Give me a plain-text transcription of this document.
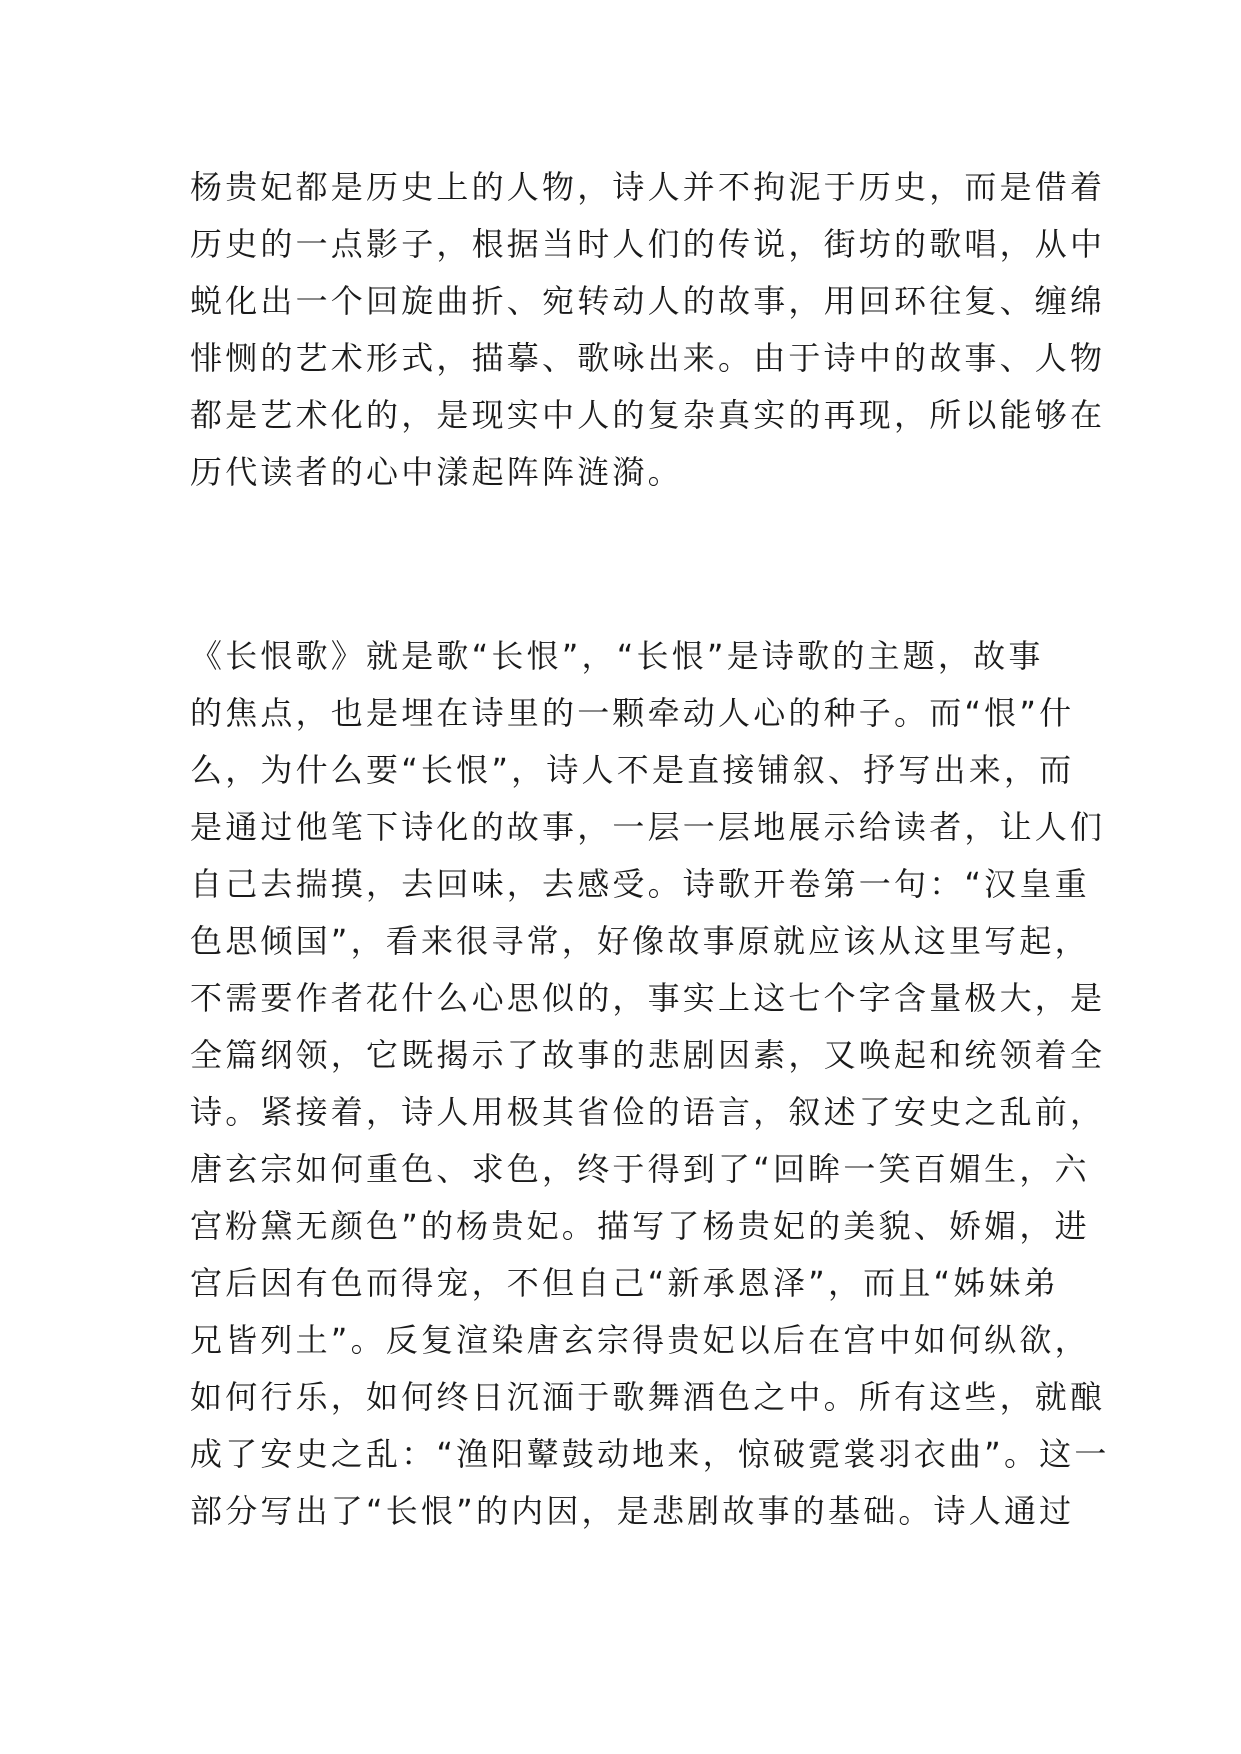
杨贵妃都是历史上的人物，诗人并不拘泥于历史，而是借着
历史的一点影子，根据当时人们的传说，街坊的歌唱，从中
蜕化出一个回旋曲折、宛转动人的故事，用回环往复、缠绵
悱恻的艺术形式，描摹、歌咏出来。由于诗中的故事、人物
都是艺术化的，是现实中人的复杂真实的再现，所以能够在
历代读者的心中漾起阵阵涟漪。
《长恨歌》就是歌“长恨”，“长恨”是诗歌的主题，故事
的焦点，也是埋在诗里的一颗牵动人心的种子。而“恨”什
么，为什么要“长恨”，诗人不是直接铺叙、抒写出来，而
是通过他笔下诗化的故事，一层一层地展示给读者，让人们
自己去揣摸，去回味，去感受。诗歌开卷第一句：“汉皇重
色思倾国”，看来很寻常，好像故事原就应该从这里写起，
不需要作者花什么心思似的，事实上这七个字含量极大，是
全篇纲领，它既揭示了故事的悲剧因素，又唤起和统领着全
诗。紧接着，诗人用极其省俭的语言，叙述了安史之乱前，
唐玄宗如何重色、求色，终于得到了“回眸一笑百媚生，六
宫粉黛无颜色”的杨贵妃。描写了杨贵妃的美貌、娇媚，进
宫后因有色而得宠，不但自己“新承恩泽”，而且“姊妹弟
兄皆列土”。反复渲染唐玄宗得贵妃以后在宫中如何纵欲，
如何行乐，如何终日沉湎于歌舞酒色之中。所有这些，就酿
成了安史之乱：“渔阳鼙鼓动地来，惊破霓裳羽衣曲”。这一
部分写出了“长恨”的内因，是悲剧故事的基础。诗人通过
